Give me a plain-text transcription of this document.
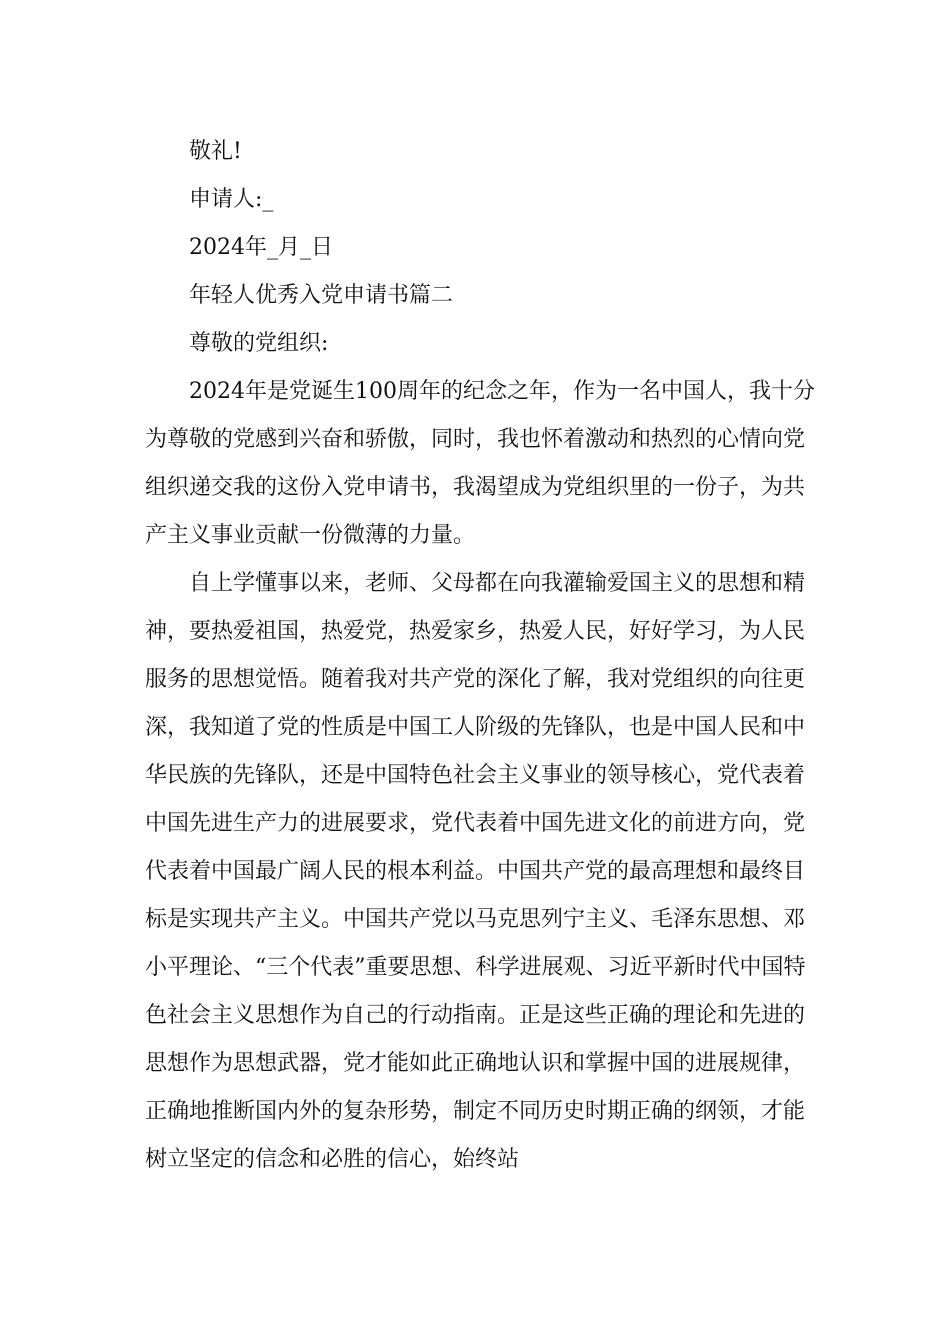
敬礼!

申请人:_

2024年_月_日

年轻人优秀入党申请书篇二

尊敬的党组织:

2024年是党诞生100周年的纪念之年，作为一名中国人，我十分为尊敬的党感到兴奋和骄傲，同时，我也怀着激动和热烈的心情向党组织递交我的这份入党申请书，我渴望成为党组织里的一份子，为共产主义事业贡献一份微薄的力量。

自上学懂事以来，老师、父母都在向我灌输爱国主义的思想和精神，要热爱祖国，热爱党，热爱家乡，热爱人民，好好学习，为人民服务的思想觉悟。随着我对共产党的深化了解，我对党组织的向往更深，我知道了党的性质是中国工人阶级的先锋队，也是中国人民和中华民族的先锋队，还是中国特色社会主义事业的领导核心，党代表着中国先进生产力的进展要求，党代表着中国先进文化的前进方向，党代表着中国最广阔人民的根本利益。中国共产党的最高理想和最终目标是实现共产主义。中国共产党以马克思列宁主义、毛泽东思想、邓小平理论、“三个代表”重要思想、科学进展观、习近平新时代中国特色社会主义思想作为自己的行动指南。正是这些正确的理论和先进的思想作为思想武器，党才能如此正确地认识和掌握中国的进展规律，正确地推断国内外的复杂形势，制定不同历史时期正确的纲领，才能树立坚定的信念和必胜的信心，始终站
